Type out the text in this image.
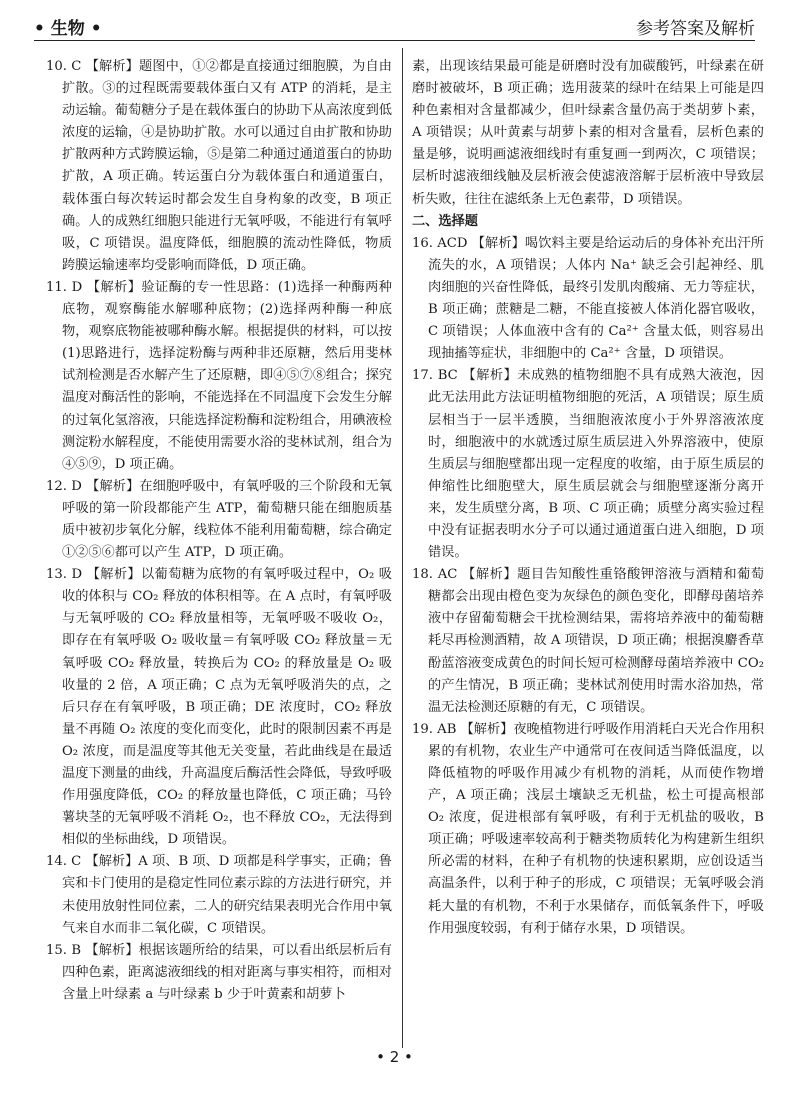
• 生物 •	参考答案及解析

10. C 【解析】题图中，①②都是直接通过细胞膜，为自由扩散。③的过程既需要载体蛋白又有 ATP 的消耗，是主动运输。葡萄糖分子是在载体蛋白的协助下从高浓度到低浓度的运输，④是协助扩散。水可以通过自由扩散和协助扩散两种方式跨膜运输，⑤是第二种通过通道蛋白的协助扩散，A 项正确。转运蛋白分为载体蛋白和通道蛋白，载体蛋白每次转运时都会发生自身构象的改变，B 项正确。人的成熟红细胞只能进行无氧呼吸，不能进行有氧呼吸，C 项错误。温度降低，细胞膜的流动性降低，物质跨膜运输速率均受影响而降低，D 项正确。

11. D 【解析】验证酶的专一性思路：(1)选择一种酶两种底物，观察酶能水解哪种底物；(2)选择两种酶一种底物，观察底物能被哪种酶水解。根据提供的材料，可以按(1)思路进行，选择淀粉酶与两种非还原糖，然后用斐林试剂检测是否水解产生了还原糖，即④⑤⑦⑧组合；探究温度对酶活性的影响，不能选择在不同温度下会发生分解的过氧化氢溶液，只能选择淀粉酶和淀粉组合，用碘液检测淀粉水解程度，不能使用需要水浴的斐林试剂，组合为④⑤⑨，D 项正确。

12. D 【解析】在细胞呼吸中，有氧呼吸的三个阶段和无氧呼吸的第一阶段都能产生 ATP，葡萄糖只能在细胞质基质中被初步氧化分解，线粒体不能利用葡萄糖，综合确定①②⑤⑥都可以产生 ATP，D 项正确。

13. D 【解析】以葡萄糖为底物的有氧呼吸过程中，O₂ 吸收的体积与 CO₂ 释放的体积相等。在 A 点时，有氧呼吸与无氧呼吸的 CO₂ 释放量相等，无氧呼吸不吸收 O₂，即存在有氧呼吸 O₂ 吸收量＝有氧呼吸 CO₂ 释放量＝无氧呼吸 CO₂ 释放量，转换后为 CO₂ 的释放量是 O₂ 吸收量的 2 倍，A 项正确；C 点为无氧呼吸消失的点，之后只存在有氧呼吸，B 项正确；DE 浓度时，CO₂ 释放量不再随 O₂ 浓度的变化而变化，此时的限制因素不再是 O₂ 浓度，而是温度等其他无关变量，若此曲线是在最适温度下测量的曲线，升高温度后酶活性会降低，导致呼吸作用强度降低，CO₂ 的释放量也降低，C 项正确；马铃薯块茎的无氧呼吸不消耗 O₂，也不释放 CO₂，无法得到相似的坐标曲线，D 项错误。

14. C 【解析】A 项、B 项、D 项都是科学事实，正确；鲁宾和卡门使用的是稳定性同位素示踪的方法进行研究，并未使用放射性同位素，二人的研究结果表明光合作用中氧气来自水而非二氧化碳，C 项错误。

15. B 【解析】根据该题所给的结果，可以看出纸层析后有四种色素，距离滤液细线的相对距离与事实相符，而相对含量上叶绿素 a 与叶绿素 b 少于叶黄素和胡萝卜

素，出现该结果最可能是研磨时没有加碳酸钙，叶绿素在研磨时被破坏，B 项正确；选用菠菜的绿叶在结果上可能是四种色素相对含量都减少，但叶绿素含量仍高于类胡萝卜素，A 项错误；从叶黄素与胡萝卜素的相对含量看，层析色素的量是够，说明画滤液细线时有重复画一到两次，C 项错误；层析时滤液细线触及层析液会使滤液溶解于层析液中导致层析失败，往往在滤纸条上无色素带，D 项错误。

二、选择题

16. ACD 【解析】喝饮料主要是给运动后的身体补充出汗所流失的水，A 项错误；人体内 Na⁺ 缺乏会引起神经、肌肉细胞的兴奋性降低，最终引发肌肉酸痛、无力等症状，B 项正确；蔗糖是二糖，不能直接被人体消化器官吸收，C 项错误；人体血液中含有的 Ca²⁺ 含量太低，则容易出现抽搐等症状，非细胞中的 Ca²⁺ 含量，D 项错误。

17. BC 【解析】未成熟的植物细胞不具有成熟大液泡，因此无法用此方法证明植物细胞的死活，A 项错误；原生质层相当于一层半透膜，当细胞液浓度小于外界溶液浓度时，细胞液中的水就透过原生质层进入外界溶液中，使原生质层与细胞壁都出现一定程度的收缩，由于原生质层的伸缩性比细胞壁大，原生质层就会与细胞壁逐渐分离开来，发生质壁分离，B 项、C 项正确；质壁分离实验过程中没有证据表明水分子可以通过通道蛋白进入细胞，D 项错误。

18. AC 【解析】题目告知酸性重铬酸钾溶液与酒精和葡萄糖都会出现由橙色变为灰绿色的颜色变化，即酵母菌培养液中存留葡萄糖会干扰检测结果，需将培养液中的葡萄糖耗尽再检测酒精，故 A 项错误，D 项正确；根据溴麝香草酚蓝溶液变成黄色的时间长短可检测酵母菌培养液中 CO₂ 的产生情况，B 项正确；斐林试剂使用时需水浴加热，常温无法检测还原糖的有无，C 项错误。

19. AB 【解析】夜晚植物进行呼吸作用消耗白天光合作用积累的有机物，农业生产中通常可在夜间适当降低温度，以降低植物的呼吸作用减少有机物的消耗，从而使作物增产，A 项正确；浅层土壤缺乏无机盐，松土可提高根部 O₂ 浓度，促进根部有氧呼吸，有利于无机盐的吸收，B 项正确；呼吸速率较高利于糖类物质转化为构建新生组织所必需的材料，在种子有机物的快速积累期，应创设适当高温条件，以利于种子的形成，C 项错误；无氧呼吸会消耗大量的有机物，不利于水果储存，而低氧条件下，呼吸作用强度较弱，有利于储存水果，D 项错误。

• 2 •
